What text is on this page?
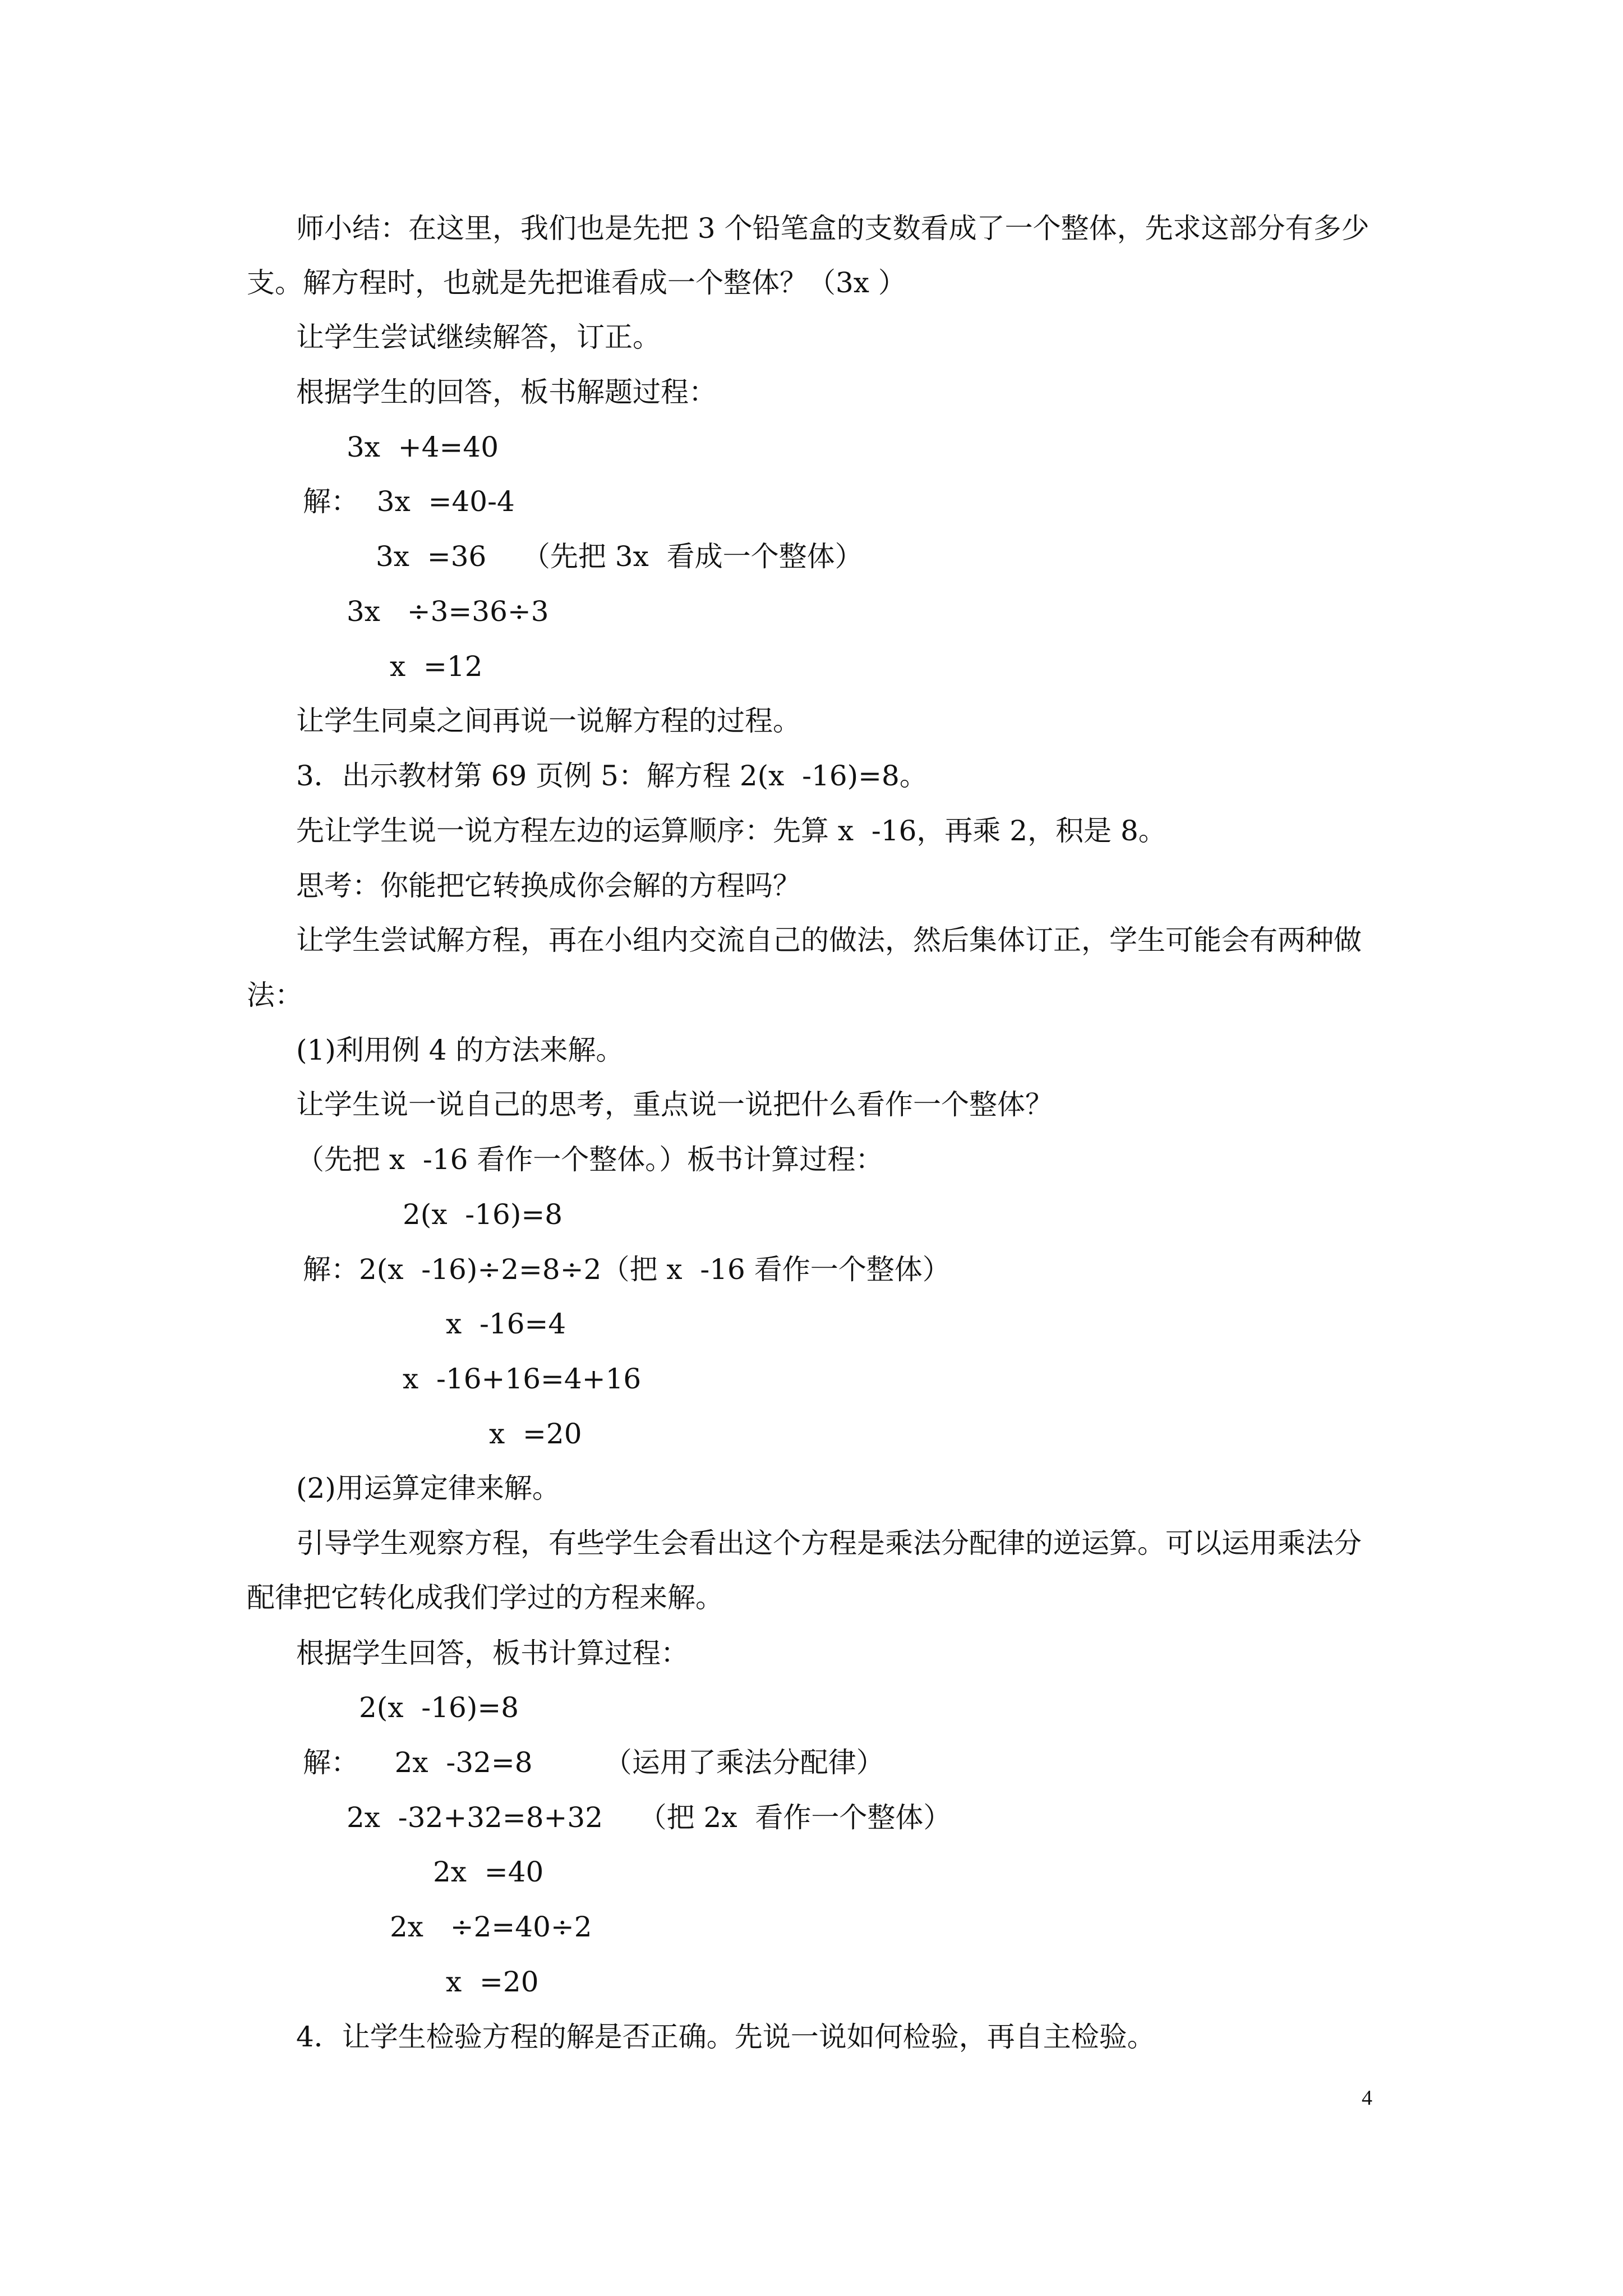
师小结：在这里，我们也是先把 3 个铅笔盒的支数看成了一个整体，先求这部分有多少

支。解方程时，也就是先把谁看成一个整体？（3x ）

让学生尝试继续解答，订正。

根据学生的回答，板书解题过程：

3x  +4=40

解：  3x  =40-4

3x  =36    （先把 3x  看成一个整体）

3x   ÷3=36÷3

x  =12

让学生同桌之间再说一说解方程的过程。

3．出示教材第 69 页例 5：解方程 2(x  -16)=8。

先让学生说一说方程左边的运算顺序：先算 x  -16，再乘 2，积是 8。

思考：你能把它转换成你会解的方程吗？

让学生尝试解方程，再在小组内交流自己的做法，然后集体订正，学生可能会有两种做

法：

(1)利用例 4 的方法来解。

让学生说一说自己的思考，重点说一说把什么看作一个整体？

（先把 x  -16 看作一个整体。）板书计算过程：

2(x  -16)=8

解：2(x  -16)÷2=8÷2（把 x  -16 看作一个整体）

x  -16=4

x  -16+16=4+16

x  =20

(2)用运算定律来解。

引导学生观察方程，有些学生会看出这个方程是乘法分配律的逆运算。可以运用乘法分

配律把它转化成我们学过的方程来解。

根据学生回答，板书计算过程：

2(x  -16)=8

解：    2x  -32=8        （运用了乘法分配律）

2x  -32+32=8+32    （把 2x  看作一个整体）

2x  =40

2x   ÷2=40÷2

x  =20

4．让学生检验方程的解是否正确。先说一说如何检验，再自主检验。

4
